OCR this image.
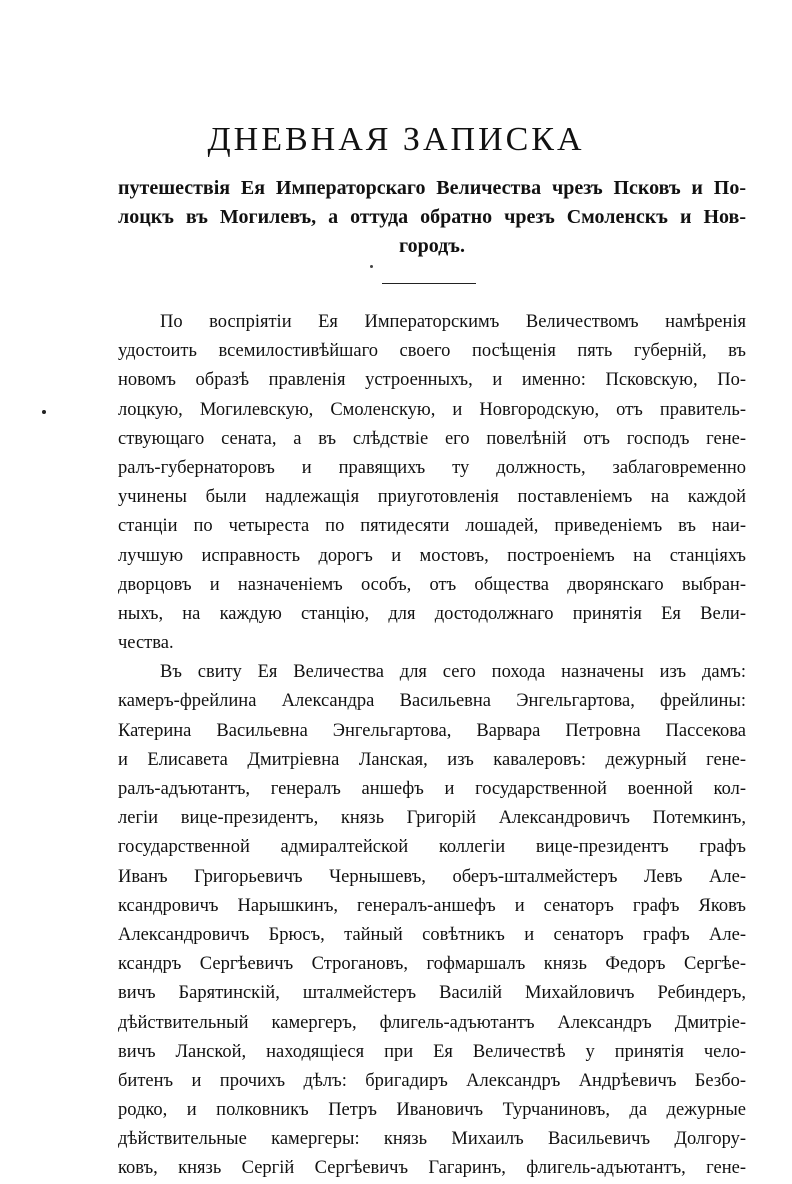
ДНЕВНАЯ ЗАПИСКА
путешествія Ея Императорскаго Величества чрезъ Псковъ и По-
лоцкъ въ Могилевъ, а оттуда обратно чрезъ Смоленскъ и Нов-
городъ.
По воспріятіи Ея Императорскимъ Величествомъ намѣренія
удостоить всемилостивѣйшаго своего посѣщенія пять губерній, въ
новомъ образѣ правленія устроенныхъ, и именно: Псковскую, По-
лоцкую, Могилевскую, Смоленскую, и Новгородскую, отъ правитель-
ствующаго сената, а въ слѣдствіе его повелѣній отъ господъ гене-
ралъ-губернаторовъ и правящихъ ту должность, заблаговременно
учинены были надлежащія приуготовленія поставленіемъ на каждой
станціи по четыреста по пятидесяти лошадей, приведеніемъ въ наи-
лучшую исправность дорогъ и мостовъ, построеніемъ на станціяхъ
дворцовъ и назначеніемъ особъ, отъ общества дворянскаго выбран-
ныхъ, на каждую станцію, для достодолжнаго принятія Ея Вели-
чества.
Въ свиту Ея Величества для сего похода назначены изъ дамъ:
камеръ-фрейлина Александра Васильевна Энгельгартова, фрейлины:
Катерина Васильевна Энгельгартова, Варвара Петровна Пассекова
и Елисавета Дмитріевна Ланская, изъ кавалеровъ: дежурный гене-
ралъ-адъютантъ, генералъ аншефъ и государственной военной кол-
легіи вице-президентъ, князь Григорій Александровичъ Потемкинъ,
государственной адмиралтейской коллегіи вице-президентъ графъ
Иванъ Григорьевичъ Чернышевъ, оберъ-шталмейстеръ Левъ Але-
ксандровичъ Нарышкинъ, генералъ-аншефъ и сенаторъ графъ Яковъ
Александровичъ Брюсъ, тайный совѣтникъ и сенаторъ графъ Але-
ксандръ Сергѣевичъ Строгановъ, гофмаршалъ князь Федоръ Сергѣе-
вичъ Барятинскій, шталмейстеръ Василій Михайловичъ Ребиндеръ,
дѣйствительный камергеръ, флигель-адъютантъ Александръ Дмитріе-
вичъ Ланской, находящіеся при Ея Величествѣ у принятія чело-
битенъ и прочихъ дѣлъ: бригадиръ Александръ Андрѣевичъ Безбо-
родко, и полковникъ Петръ Ивановичъ Турчаниновъ, да дежурные
дѣйствительные камергеры: князь Михаилъ Васильевичъ Долгору-
ковъ, князь Сергій Сергѣевичъ Гагаринъ, флигель-адъютантъ, гене-
